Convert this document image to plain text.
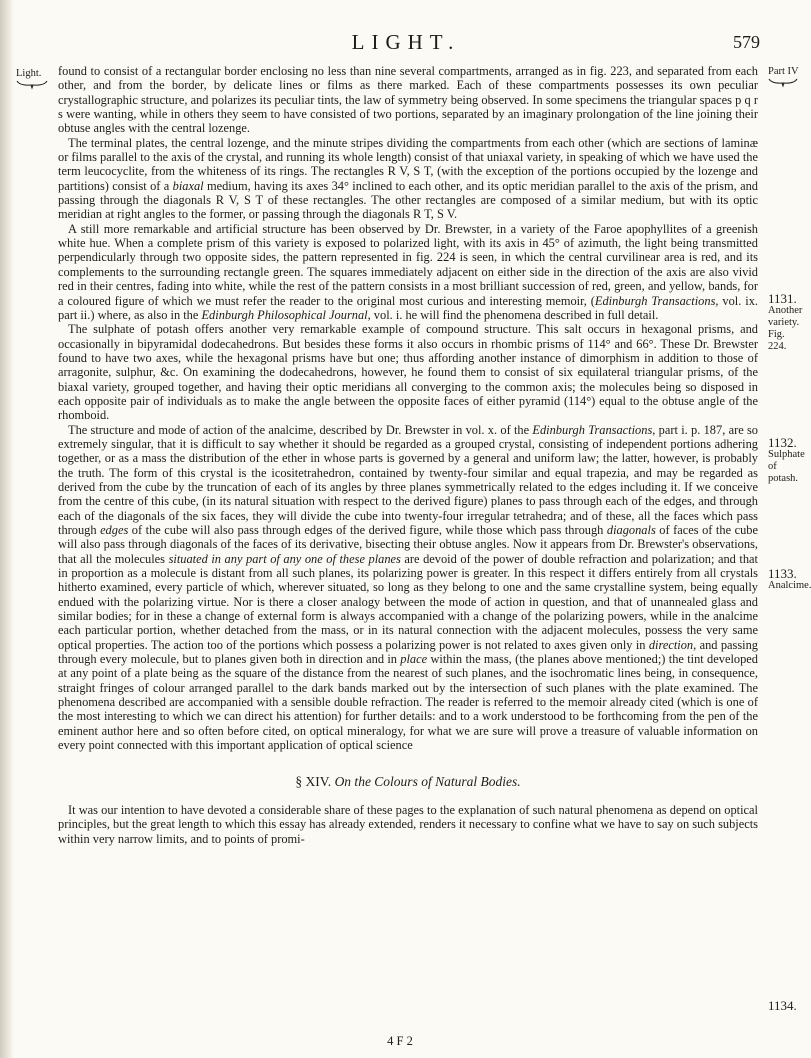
LIGHT.	579
Light.	Part IV
1131.
Another
variety.
Fig. 224.
1132.
Sulphate of
potash.
1133.
Analcime.
1134.

found to consist of a rectangular border enclosing no less than nine several compartments, arranged as in fig. 223, and separated from each other, and from the border, by delicate lines or films as there marked. Each of these compartments possesses its own peculiar crystallographic structure, and polarizes its peculiar tints, the law of symmetry being observed. In some specimens the triangular spaces p q r s were wanting, while in others they seem to have consisted of two portions, separated by an imaginary prolongation of the line joining their obtuse angles with the central lozenge.

The terminal plates, the central lozenge, and the minute stripes dividing the compartments from each other (which are sections of laminæ or films parallel to the axis of the crystal, and running its whole length) consist of that uniaxal variety, in speaking of which we have used the term leucocyclite, from the whiteness of its rings. The rectangles R V, S T, (with the exception of the portions occupied by the lozenge and partitions) consist of a biaxal medium, having its axes 34° inclined to each other, and its optic meridian parallel to the axis of the prism, and passing through the diagonals R V, S T of these rectangles. The other rectangles are composed of a similar medium, but with its optic meridian at right angles to the former, or passing through the diagonals R T, S V.

A still more remarkable and artificial structure has been observed by Dr. Brewster, in a variety of the Faroe apophyllites of a greenish white hue. When a complete prism of this variety is exposed to polarized light, with its axis in 45° of azimuth, the light being transmitted perpendicularly through two opposite sides, the pattern represented in fig. 224 is seen, in which the central curvilinear area is red, and its complements to the surrounding rectangle green. The squares immediately adjacent on either side in the direction of the axis are also vivid red in their centres, fading into white, while the rest of the pattern consists in a most brilliant succession of red, green, and yellow, bands, for a coloured figure of which we must refer the reader to the original most curious and interesting memoir, (Edinburgh Transactions, vol. ix. part ii.) where, as also in the Edinburgh Philosophical Journal, vol. i. he will find the phenomena described in full detail.

The sulphate of potash offers another very remarkable example of compound structure. This salt occurs in hexagonal prisms, and occasionally in bipyramidal dodecahedrons. But besides these forms it also occurs in rhombic prisms of 114° and 66°. These Dr. Brewster found to have two axes, while the hexagonal prisms have but one; thus affording another instance of dimorphism in addition to those of arragonite, sulphur, &c. On examining the dodecahedrons, however, he found them to consist of six equilateral triangular prisms, of the biaxal variety, grouped together, and having their optic meridians all converging to the common axis; the molecules being so disposed in each opposite pair of individuals as to make the angle between the opposite faces of either pyramid (114°) equal to the obtuse angle of the rhomboid.

The structure and mode of action of the analcime, described by Dr. Brewster in vol. x. of the Edinburgh Transactions, part i. p. 187, are so extremely singular, that it is difficult to say whether it should be regarded as a grouped crystal, consisting of independent portions adhering together, or as a mass the distribution of the ether in whose parts is governed by a general and uniform law; the latter, however, is probably the truth. The form of this crystal is the icositetrahedron, contained by twenty-four similar and equal trapezia, and may be regarded as derived from the cube by the truncation of each of its angles by three planes symmetrically related to the edges including it. If we conceive from the centre of this cube, (in its natural situation with respect to the derived figure) planes to pass through each of the edges, and through each of the diagonals of the six faces, they will divide the cube into twenty-four irregular tetrahedra; and of these, all the faces which pass through edges of the cube will also pass through edges of the derived figure, while those which pass through diagonals of faces of the cube will also pass through diagonals of the faces of its derivative, bisecting their obtuse angles. Now it appears from Dr. Brewster's observations, that all the molecules situated in any part of any one of these planes are devoid of the power of double refraction and polarization; and that in proportion as a molecule is distant from all such planes, its polarizing power is greater. In this respect it differs entirely from all crystals hitherto examined, every particle of which, wherever situated, so long as they belong to one and the same crystalline system, being equally endued with the polarizing virtue. Nor is there a closer analogy between the mode of action in question, and that of unannealed glass and similar bodies; for in these a change of external form is always accompanied with a change of the polarizing powers, while in the analcime each particular portion, whether detached from the mass, or in its natural connection with the adjacent molecules, possess the very same optical properties. The action too of the portions which possess a polarizing power is not related to axes given only in direction, and passing through every molecule, but to planes given both in direction and in place within the mass, (the planes above mentioned;) the tint developed at any point of a plate being as the square of the distance from the nearest of such planes, and the isochromatic lines being, in consequence, straight fringes of colour arranged parallel to the dark bands marked out by the intersection of such planes with the plate examined. The phenomena described are accompanied with a sensible double refraction. The reader is referred to the memoir already cited (which is one of the most interesting to which we can direct his attention) for further details: and to a work understood to be forthcoming from the pen of the eminent author here and so often before cited, on optical mineralogy, for what we are sure will prove a treasure of valuable information on every point connected with this important application of optical science

§ XIV. On the Colours of Natural Bodies.

It was our intention to have devoted a considerable share of these pages to the explanation of such natural phenomena as depend on optical principles, but the great length to which this essay has already extended, renders it necessary to confine what we have to say on such subjects within very narrow limits, and to points of promi-

4 F 2
